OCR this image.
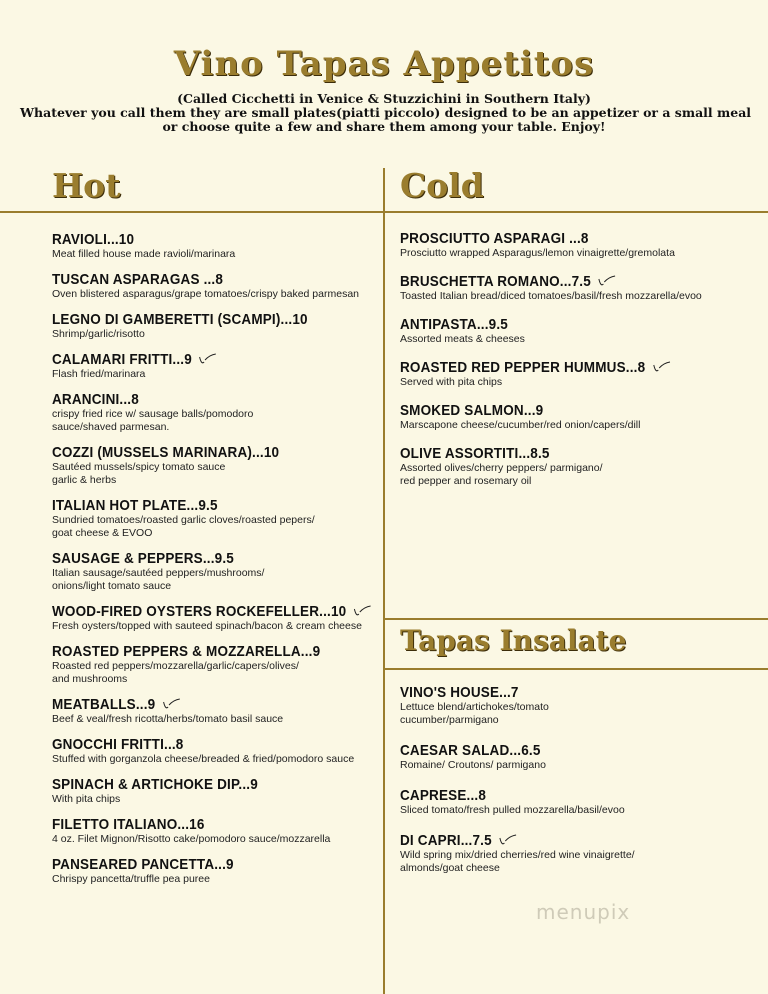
Vino Tapas Appetitos
(Called Cicchetti in Venice & Stuzzichini in Southern Italy)
Whatever you call them they are small plates(piatti piccolo) designed to be an appetizer or a small meal
or choose quite a few and share them among your table. Enjoy!
Hot	Cold
Tapas Insalate
RAVIOLI...10
Meat filled house made ravioli/marinara
TUSCAN ASPARAGAS ...8
Oven blistered asparagus/grape tomatoes/crispy baked parmesan
LEGNO DI GAMBERETTI (SCAMPI)...10
Shrimp/garlic/risotto
CALAMARI FRITTI...9
Flash fried/marinara
ARANCINI...8
crispy fried rice w/ sausage balls/pomodoro
sauce/shaved parmesan.
COZZI (MUSSELS MARINARA)...10
Sautéed mussels/spicy tomato sauce
garlic & herbs
ITALIAN HOT PLATE...9.5
Sundried tomatoes/roasted garlic cloves/roasted pepers/
goat cheese & EVOO
SAUSAGE & PEPPERS...9.5
Italian sausage/sautéed peppers/mushrooms/
onions/light tomato sauce
WOOD-FIRED OYSTERS ROCKEFELLER...10
Fresh oysters/topped with sauteed spinach/bacon & cream cheese
ROASTED PEPPERS & MOZZARELLA...9
Roasted red peppers/mozzarella/garlic/capers/olives/
and mushrooms
MEATBALLS...9
Beef & veal/fresh ricotta/herbs/tomato basil sauce
GNOCCHI FRITTI...8
Stuffed with gorganzola cheese/breaded & fried/pomodoro sauce
SPINACH & ARTICHOKE DIP...9
With pita chips
FILETTO ITALIANO...16
4 oz. Filet Mignon/Risotto cake/pomodoro sauce/mozzarella
PANSEARED PANCETTA...9
Chrispy pancetta/truffle pea puree
PROSCIUTTO ASPARAGI ...8
Prosciutto wrapped Asparagus/lemon vinaigrette/gremolata
BRUSCHETTA ROMANO...7.5
Toasted Italian bread/diced tomatoes/basil/fresh mozzarella/evoo
ANTIPASTA...9.5
Assorted meats & cheeses
ROASTED RED PEPPER HUMMUS...8
Served with pita chips
SMOKED SALMON...9
Marscapone cheese/cucumber/red onion/capers/dill
OLIVE ASSORTITI...8.5
Assorted olives/cherry peppers/ parmigano/
red pepper and rosemary oil
VINO'S HOUSE...7
Lettuce blend/artichokes/tomato
cucumber/parmigano
CAESAR SALAD...6.5
Romaine/ Croutons/ parmigano
CAPRESE...8
Sliced tomato/fresh pulled mozzarella/basil/evoo
DI CAPRI...7.5
Wild spring mix/dried cherries/red wine vinaigrette/
almonds/goat cheese
menupix
